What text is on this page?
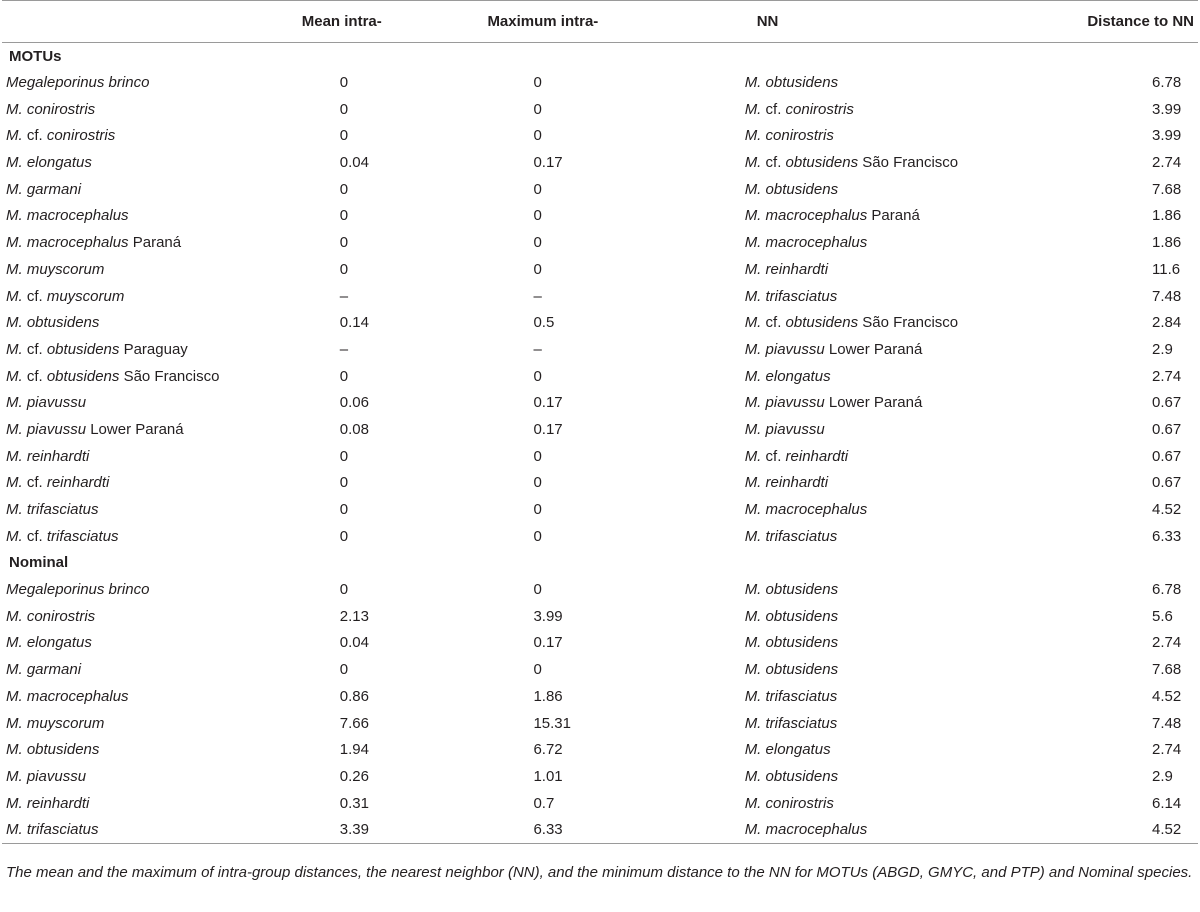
	Mean intra-	Maximum intra-	NN	Distance to NN
MOTUs				
Megaleporinus brinco	0	0	M. obtusidens	6.78
M. conirostris	0	0	M. cf. conirostris	3.99
M. cf. conirostris	0	0	M. conirostris	3.99
M. elongatus	0.04	0.17	M. cf. obtusidens São Francisco	2.74
M. garmani	0	0	M. obtusidens	7.68
M. macrocephalus	0	0	M. macrocephalus Paraná	1.86
M. macrocephalus Paraná	0	0	M. macrocephalus	1.86
M. muyscorum	0	0	M. reinhardti	11.6
M. cf. muyscorum	–	–	M. trifasciatus	7.48
M. obtusidens	0.14	0.5	M. cf. obtusidens São Francisco	2.84
M. cf. obtusidens Paraguay	–	–	M. piavussu Lower Paraná	2.9
M. cf. obtusidens São Francisco	0	0	M. elongatus	2.74
M. piavussu	0.06	0.17	M. piavussu Lower Paraná	0.67
M. piavussu Lower Paraná	0.08	0.17	M. piavussu	0.67
M. reinhardti	0	0	M. cf. reinhardti	0.67
M. cf. reinhardti	0	0	M. reinhardti	0.67
M. trifasciatus	0	0	M. macrocephalus	4.52
M. cf. trifasciatus	0	0	M. trifasciatus	6.33
Nominal				
Megaleporinus brinco	0	0	M. obtusidens	6.78
M. conirostris	2.13	3.99	M. obtusidens	5.6
M. elongatus	0.04	0.17	M. obtusidens	2.74
M. garmani	0	0	M. obtusidens	7.68
M. macrocephalus	0.86	1.86	M. trifasciatus	4.52
M. muyscorum	7.66	15.31	M. trifasciatus	7.48
M. obtusidens	1.94	6.72	M. elongatus	2.74
M. piavussu	0.26	1.01	M. obtusidens	2.9
M. reinhardti	0.31	0.7	M. conirostris	6.14
M. trifasciatus	3.39	6.33	M. macrocephalus	4.52
The mean and the maximum of intra-group distances, the nearest neighbor (NN), and the minimum distance to the NN for MOTUs (ABGD, GMYC, and PTP) and Nominal species.
